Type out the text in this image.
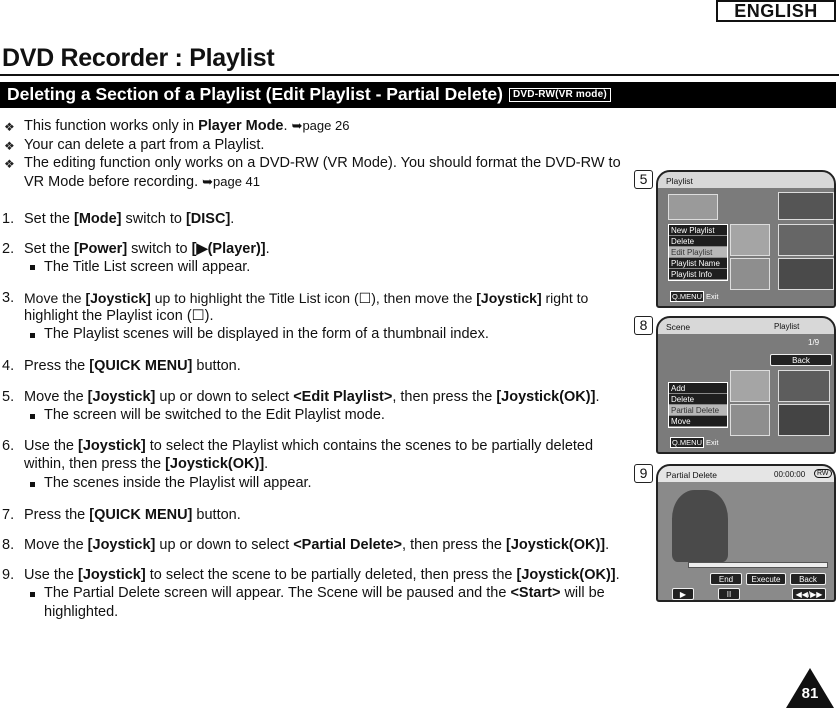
ENGLISH
DVD Recorder : Playlist
Deleting a Section of a Playlist (Edit Playlist - Partial Delete) DVD-RW(VR mode)
❖ This function works only in Player Mode. ➥page 26
❖ Your can delete a part from a Playlist.
❖ The editing function only works on a DVD-RW (VR Mode). You should format the DVD-RW to
VR Mode before recording. ➥page 41
1. Set the [Mode] switch to [DISC].
2. Set the [Power] switch to [▶(Player)].
The Title List screen will appear.
3. Move the [Joystick] up to highlight the Title List icon (☐), then move the [Joystick] right to
highlight the Playlist icon (☐).
The Playlist scenes will be displayed in the form of a thumbnail index.
4. Press the [QUICK MENU] button.
5. Move the [Joystick] up or down to select <Edit Playlist>, then press the [Joystick(OK)].
The screen will be switched to the Edit Playlist mode.
6. Use the [Joystick] to select the Playlist which contains the scenes to be partially deleted
within, then press the [Joystick(OK)].
The scenes inside the Playlist will appear.
7. Press the [QUICK MENU] button.
8. Move the [Joystick] up or down to select <Partial Delete>, then press the [Joystick(OK)].
9. Use the [Joystick] to select the scene to be partially deleted, then press the [Joystick(OK)].
The Partial Delete screen will appear. The Scene will be paused and the <Start> will be
highlighted.
5	Playlist
New Playlist
Delete
Edit Playlist
Playlist Name
Playlist Info
Q.MENU Exit
8	Scene	Playlist
1/9
Back
Add
Delete
Partial Delete
Move
Q.MENU Exit
9	Partial Delete	00:00:00	RW
End	Execute	Back
▶	II	◀◀/▶▶
81
